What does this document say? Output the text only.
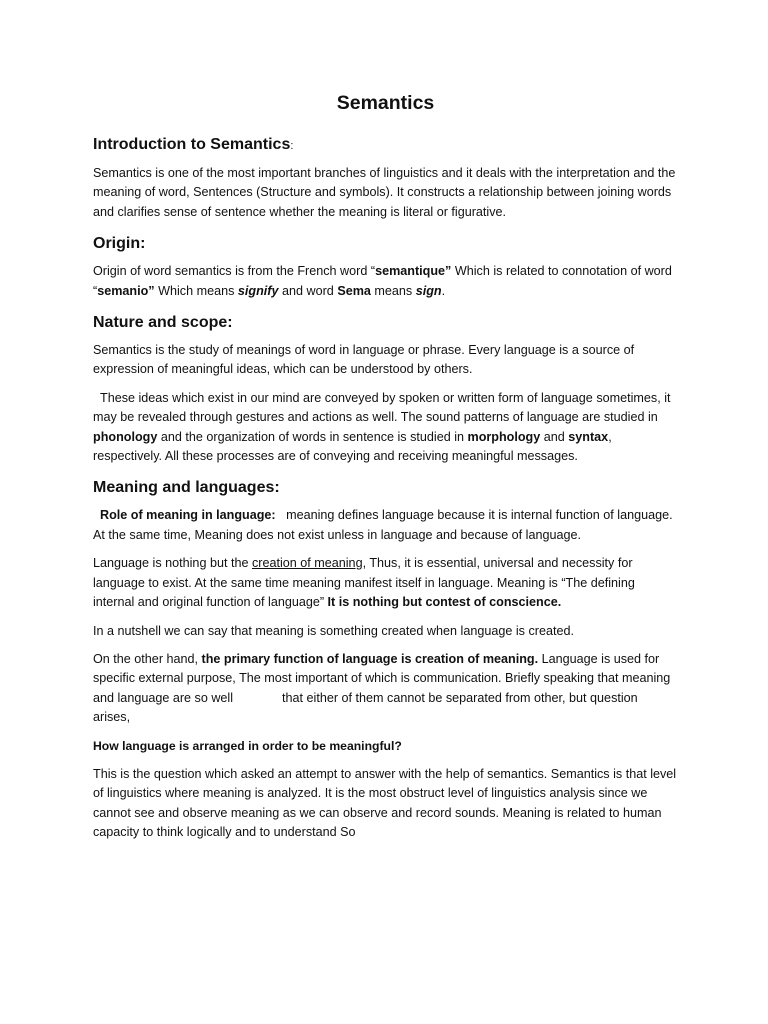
Semantics
Introduction to Semantics:

Semantics is one of the most important branches of linguistics and it deals with the interpretation and the meaning of word, Sentences (Structure and symbols). It constructs a relationship between joining words and clarifies sense of sentence whether the meaning is literal or figurative.

Origin:

Origin of word semantics is from the French word “semantique” Which is related to connotation of word “semanio” Which means signify and word Sema means sign.

Nature and scope:

Semantics is the study of meanings of word in language or phrase. Every language is a source of expression of meaningful ideas, which can be understood by others.

These ideas which exist in our mind are conveyed by spoken or written form of language sometimes, it may be revealed through gestures and actions as well. The sound patterns of language are studied in phonology and the organization of words in sentence is studied in morphology and syntax, respectively. All these processes are of conveying and receiving meaningful messages.

Meaning and languages:

Role of meaning in language:   meaning defines language because it is internal function of language. At the same time, Meaning does not exist unless in language and because of language.

Language is nothing but the creation of meaning, Thus, it is essential, universal and necessity for language to exist. At the same time meaning manifest itself in language. Meaning is “The defining internal and original function of language” It is nothing but contest of conscience.

In a nutshell we can say that meaning is something created when language is created.

On the other hand, the primary function of language is creation of meaning. Language is used for specific external purpose, The most important of which is communication. Briefly speaking that meaning and language are so well              that either of them cannot be separated from other, but question arises,

How language is arranged in order to be meaningful?

This is the question which asked an attempt to answer with the help of semantics. Semantics is that level of linguistics where meaning is analyzed. It is the most obstruct level of linguistics analysis since we cannot see and observe meaning as we can observe and record sounds. Meaning is related to human capacity to think logically and to understand So
